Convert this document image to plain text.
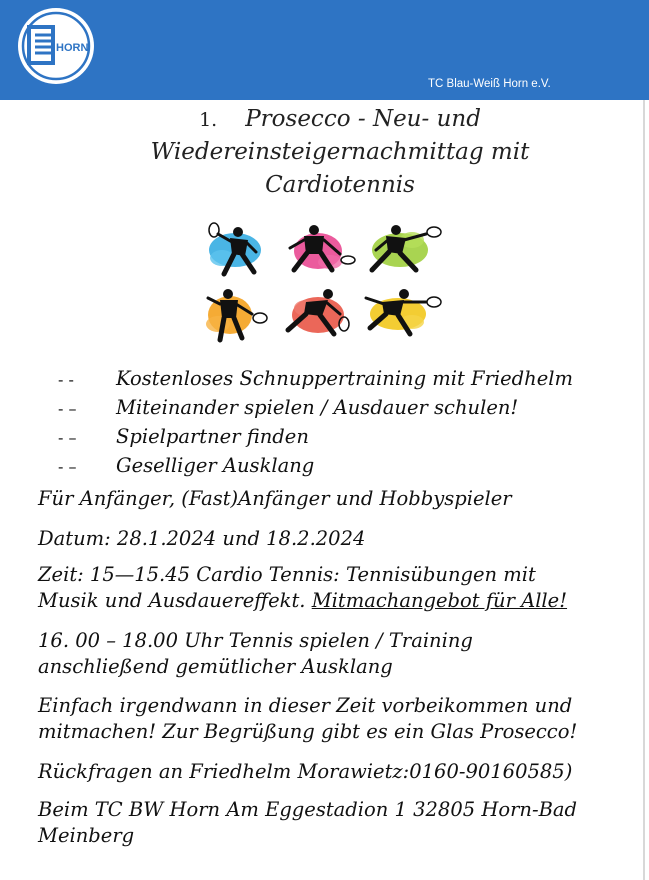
HORN
TC Blau-Weiß Horn e.V.
1. Prosecco - Neu- und
Wiedereinsteigernachmittag mit
Cardiotennis
- - Kostenloses Schnuppertraining mit Friedhelm
- – Miteinander spielen / Ausdauer schulen!
- – Spielpartner finden
- – Geselliger Ausklang
Für Anfänger, (Fast)Anfänger und Hobbyspieler
Datum: 28.1.2024 und 18.2.2024
Zeit: 15—15.45 Cardio Tennis: Tennisübungen mit
Musik und Ausdauereffekt. Mitmachangebot für Alle!
16. 00 – 18.00 Uhr Tennis spielen / Training
anschließend gemütlicher Ausklang
Einfach irgendwann in dieser Zeit vorbeikommen und
mitmachen! Zur Begrüßung gibt es ein Glas Prosecco!
Rückfragen an Friedhelm Morawietz:0160-90160585)
Beim TC BW Horn Am Eggestadion 1 32805 Horn-Bad
Meinberg
